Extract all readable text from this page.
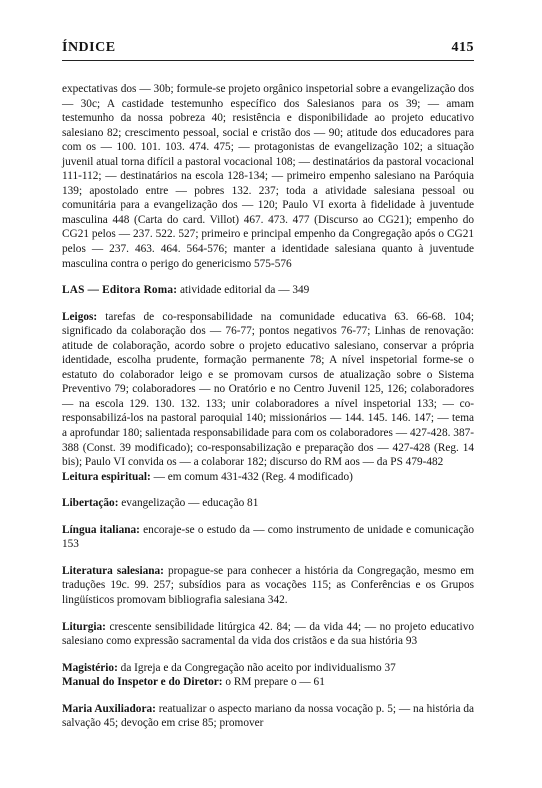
ÍNDICE	415

expectativas dos — 30b; formule-se projeto orgânico inspetorial sobre a evangelização dos — 30c; A castidade testemunho específico dos Salesianos para os 39; — amam testemunho da nossa pobreza 40; resistência e disponibilidade ao projeto educativo salesiano 82; crescimento pessoal, social e cristão dos — 90; atitude dos educadores para com os — 100. 101. 103. 474. 475; — protagonistas de evangelização 102; a situação juvenil atual torna difícil a pastoral vocacional 108; — destinatários da pastoral vocacional 111-112; — destinatários na escola 128-134; — primeiro empenho salesiano na Paróquia 139; apostolado entre — pobres 132. 237; toda a atividade salesiana pessoal ou comunitária para a evangelização dos — 120; Paulo VI exorta à fidelidade à juventude masculina 448 (Carta do card. Villot) 467. 473. 477 (Discurso ao CG21); empenho do CG21 pelos — 237. 522. 527; primeiro e principal empenho da Congregação após o CG21 pelos — 237. 463. 464. 564-576; manter a identidade salesiana quanto à juventude masculina contra o perigo do genericismo 575-576

LAS — Editora Roma: atividade editorial da — 349

Leigos: tarefas de co-responsabilidade na comunidade educativa 63. 66-68. 104; significado da colaboração dos — 76-77; pontos negativos 76-77; Linhas de renovação: atitude de colaboração, acordo sobre o projeto educativo salesiano, conservar a própria identidade, escolha prudente, formação permanente 78; A nível inspetorial forme-se o estatuto do colaborador leigo e se promovam cursos de atualização sobre o Sistema Preventivo 79; colaboradores — no Oratório e no Centro Juvenil 125, 126; colaboradores — na escola 129. 130. 132. 133; unir colaboradores a nível inspetorial 133; — co-responsabilizá-los na pastoral paroquial 140; missionários — 144. 145. 146. 147; — tema a aprofundar 180; salientada responsabilidade para com os colaboradores — 427-428. 387-388 (Const. 39 modificado); co-responsabilização e preparação dos — 427-428 (Reg. 14 bis); Paulo VI convida os — a colaborar 182; discurso do RM aos — da PS 479-482

Leitura espiritual: — em comum 431-432 (Reg. 4 modificado)

Libertação: evangelização — educação 81

Língua italiana: encoraje-se o estudo da — como instrumento de unidade e comunicação 153

Literatura salesiana: propague-se para conhecer a história da Congregação, mesmo em traduções 19c. 99. 257; subsídios para as vocações 115; as Conferências e os Grupos lingüísticos promovam bibliografia salesiana 342.

Liturgia: crescente sensibilidade litúrgica 42. 84; — da vida 44; — no projeto educativo salesiano como expressão sacramental da vida dos cristãos e da sua história 93

Magistério: da Igreja e da Congregação não aceito por individualismo 37

Manual do Inspetor e do Diretor: o RM prepare o — 61

Maria Auxiliadora: reatualizar o aspecto mariano da nossa vocação p. 5; — na história da salvação 45; devoção em crise 85; promover
